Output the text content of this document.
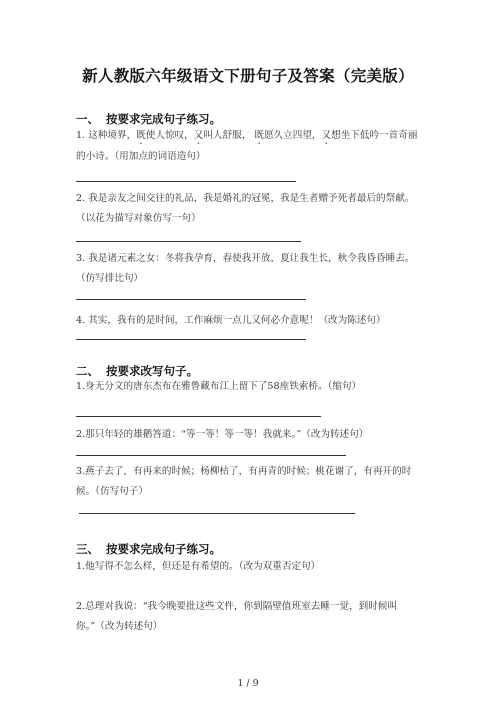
新人教版六年级语文下册句子及答案（完美版）
一、 按要求完成句子练习。
1. 这种境界，既使人惊叹，又叫人舒服， 既愿久立四望，又想坐下低吟一首奇丽的小诗。（用加点的词语造句）
2. 我是亲友之间交往的礼品，我是婚礼的冠冕，我是生者赠予死者最后的祭献。（以花为描写对象仿写一句）
3. 我是诸元素之女：冬将我孕育，春使我开放，夏让我生长，秋令我昏昏睡去。（仿写排比句）
4. 其实，我有的是时间，工作麻烦一点儿又何必介意呢！（改为陈述句）
二、 按要求改写句子。
1.身无分文的唐东杰布在雅鲁藏布江上留下了58座铁索桥。（缩句）
2.那只年轻的雄鹅答道：“等一等！等一等！我就来。”（改为转述句）
3.燕子去了，有再来的时候；杨柳枯了，有再青的时候；桃花谢了，有再开的时候。（仿写句子）
三、 按要求完成句子练习。
1.他写得不怎么样，但还是有希望的。（改为双重否定句）
2.总理对我说：“我今晚要批这些文件，你到隔壁值班室去睡一觉，到时候叫你。”（改为转述句）
1 / 9
